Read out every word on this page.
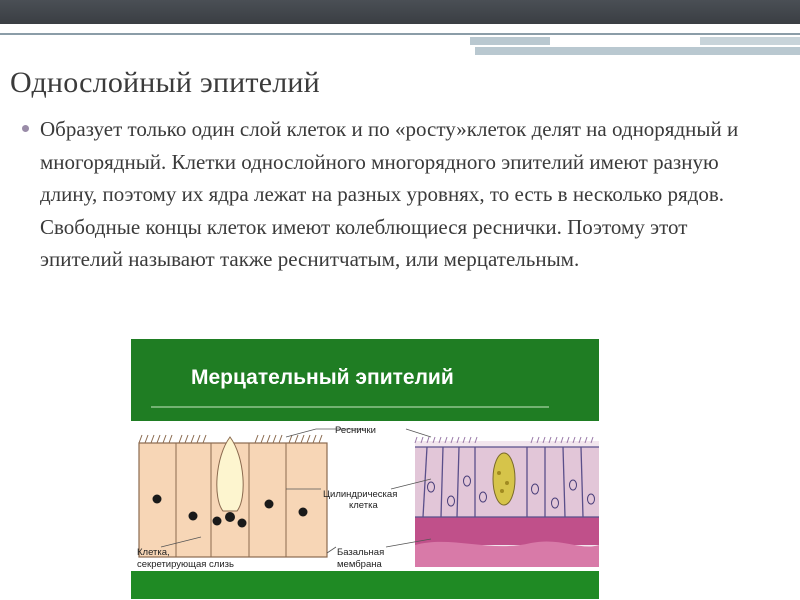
Однослойный эпителий
Образует только один слой клеток и по «росту»клеток делят на однорядный и многорядный. Клетки однослойного многорядного эпителий имеют разную длину, поэтому их ядра лежат на разных уровнях, то есть в несколько рядов. Свободные концы клеток имеют колеблющиеся реснички. Поэтому этот эпителий называют также реснитчатым, или мерцательным.
Мерцательный эпителий
Реснички
Цилиндрическая
клетка
Клетка,
секретирующая слизь
Базальная
мембрана
